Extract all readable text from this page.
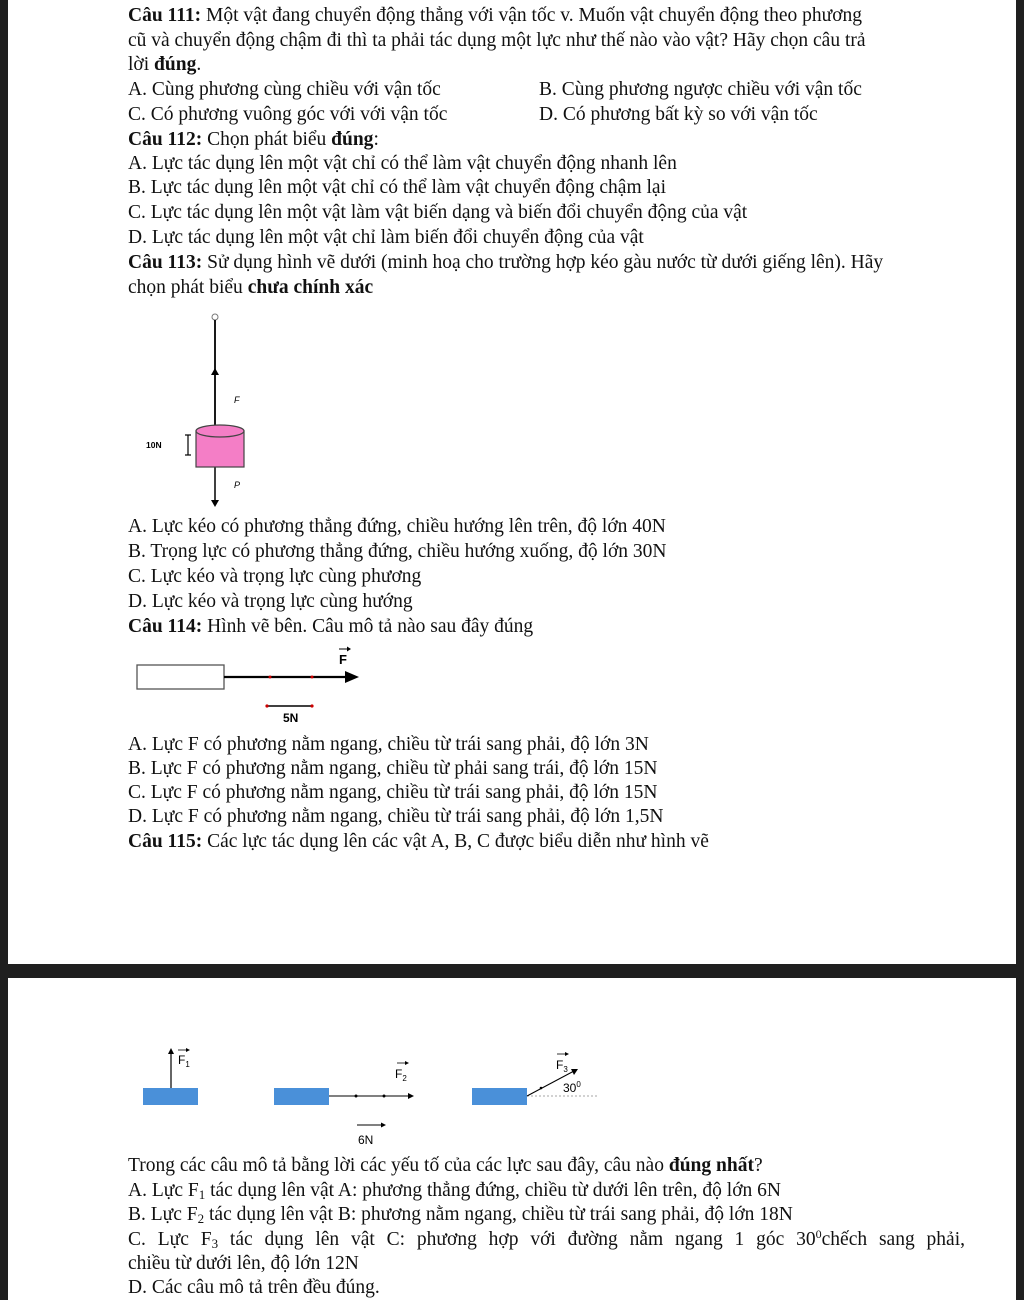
Câu 111: Một vật đang chuyển động thẳng với vận tốc v. Muốn vật chuyển động theo phương
cũ và chuyển động chậm đi thì ta phải tác dụng một lực như thế nào vào vật? Hãy chọn câu trả
lời đúng.
A. Cùng phương cùng chiều với vận tốc	B. Cùng phương ngược chiều với vận tốc
C. Có phương vuông góc với với vận tốc	D. Có phương bất kỳ so với vận tốc
Câu 112: Chọn phát biểu đúng:
A. Lực tác dụng lên một vật chỉ có thể làm vật chuyển động nhanh lên
B. Lực tác dụng lên một vật chỉ có thể làm vật chuyển động chậm lại
C. Lực tác dụng lên một vật làm vật biến dạng và biến đổi chuyển động của vật
D. Lực tác dụng lên một vật chỉ làm biến đổi chuyển động của vật
Câu 113: Sử dụng hình vẽ dưới (minh hoạ cho trường hợp kéo gàu nước từ dưới giếng lên). Hãy
chọn phát biểu chưa chính xác
10N
F
P
A. Lực kéo có phương thẳng đứng, chiều hướng lên trên, độ lớn 40N
B. Trọng lực có phương thẳng đứng, chiều hướng xuống, độ lớn 30N
C. Lực kéo và trọng lực cùng phương
D. Lực kéo và trọng lực cùng hướng
Câu 114: Hình vẽ bên. Câu mô tả nào sau đây đúng
F
5N
A. Lực F có phương nằm ngang, chiều từ trái sang phải, độ lớn 3N
B. Lực F có phương nằm ngang, chiều từ phải sang trái, độ lớn 15N
C. Lực F có phương nằm ngang, chiều từ trái sang phải, độ lớn 15N
D. Lực F có phương nằm ngang, chiều từ trái sang phải, độ lớn 1,5N
Câu 115: Các lực tác dụng lên các vật A, B, C được biểu diễn như hình vẽ
$F_1$
$F_2$
$F_3$
$30^0$
6N
Trong các câu mô tả bằng lời các yếu tố của các lực sau đây, câu nào đúng nhất?
A. Lực $F_1$ tác dụng lên vật A: phương thẳng đứng, chiều từ dưới lên trên, độ lớn 6N
B. Lực $F_2$ tác dụng lên vật B: phương nằm ngang, chiều từ trái sang phải, độ lớn 18N
C. Lực $F_3$ tác dụng lên vật C: phương hợp với đường nằm ngang 1 góc $30^0chếch$ sang phải,
chiều từ dưới lên, độ lớn 12N
D. Các câu mô tả trên đều đúng.
